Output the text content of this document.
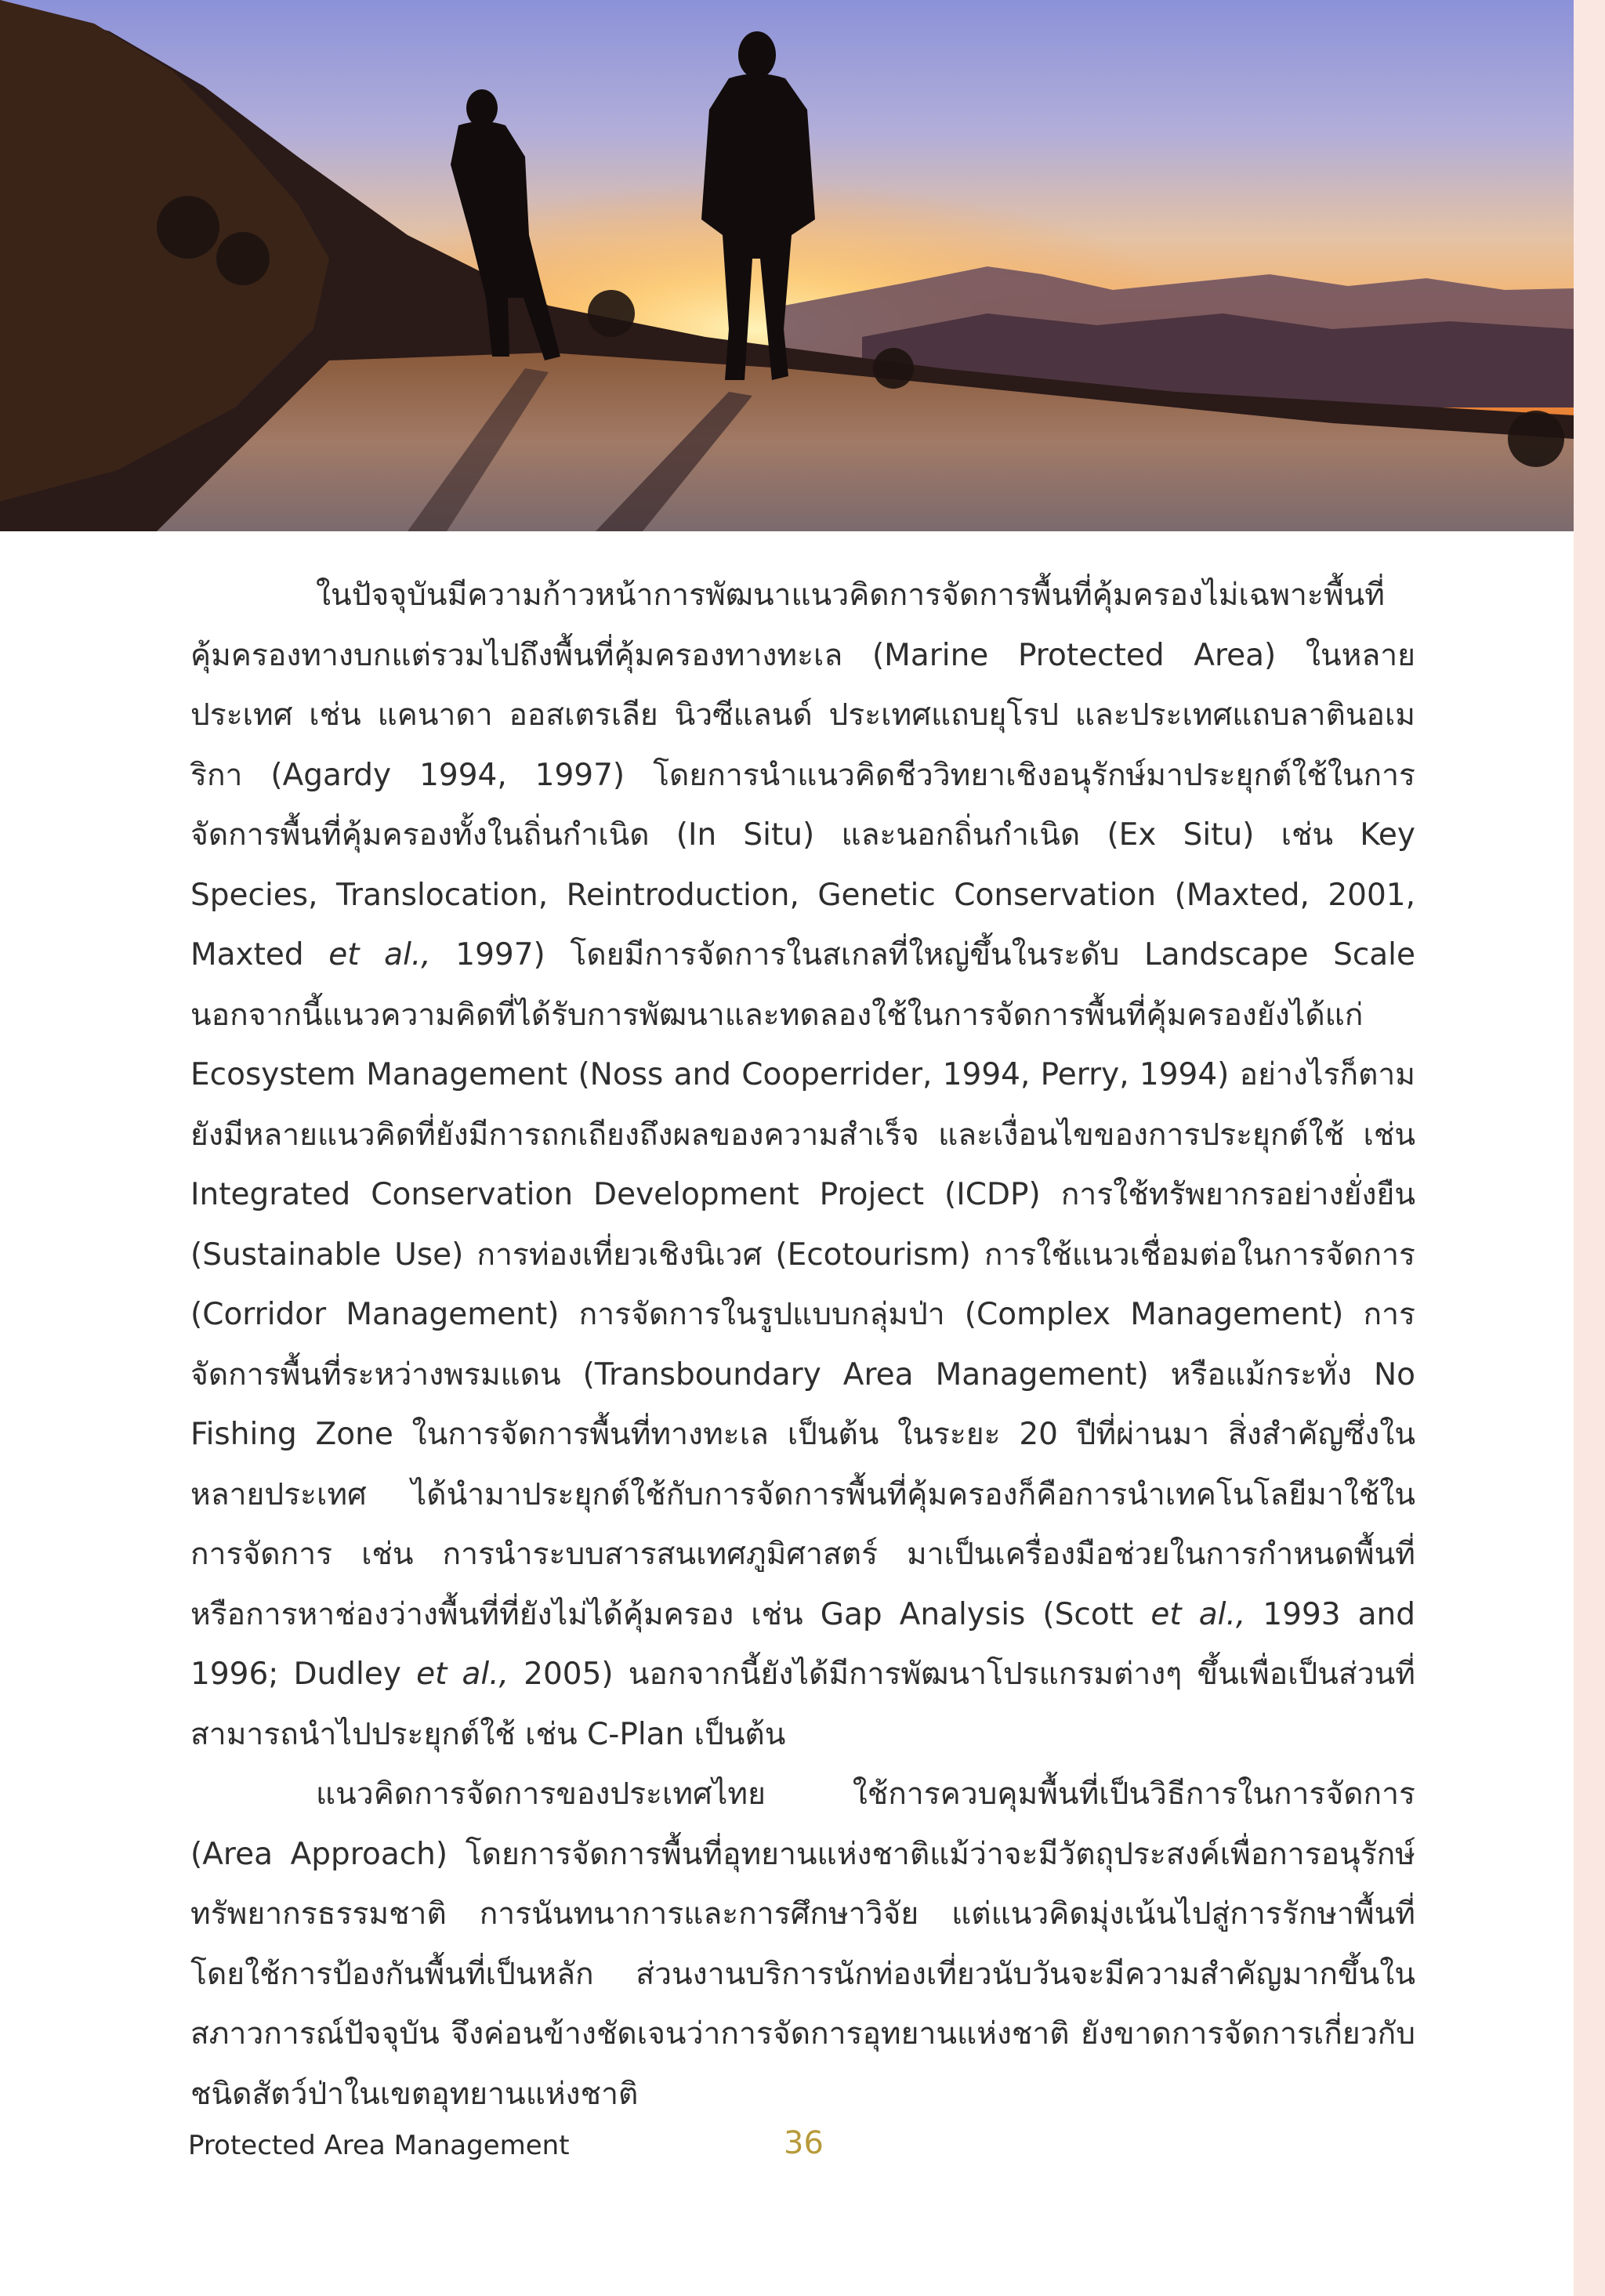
ในปัจจุบันมีความก้าวหน้าการพัฒนาแนวคิดการจัดการพื้นที่คุ้มครองไม่เฉพาะพื้นที่คุ้มครองทางบกแต่รวมไปถึงพื้นที่คุ้มครองทางทะเล (Marine Protected Area) ในหลายประเทศ เช่น แคนาดา ออสเตรเลีย นิวซีแลนด์ ประเทศแถบยุโรป และประเทศแถบลาตินอเมริกา (Agardy 1994, 1997) โดยการนำแนวคิดชีววิทยาเชิงอนุรักษ์มาประยุกต์ใช้ในการจัดการพื้นที่คุ้มครองทั้งในถิ่นกำเนิด (In Situ) และนอกถิ่นกำเนิด (Ex Situ) เช่น Key Species, Translocation, Reintroduction, Genetic Conservation (Maxted, 2001, Maxted et al., 1997) โดยมีการจัดการในสเกลที่ใหญ่ขึ้นในระดับ Landscape Scale นอกจากนี้แนวความคิดที่ได้รับการพัฒนาและทดลองใช้ในการจัดการพื้นที่คุ้มครองยังได้แก่ Ecosystem Management (Noss and Cooperrider, 1994, Perry, 1994) อย่างไรก็ตามยังมีหลายแนวคิดที่ยังมีการถกเถียงถึงผลของความสำเร็จ และเงื่อนไขของการประยุกต์ใช้ เช่น Integrated Conservation Development Project (ICDP) การใช้ทรัพยากรอย่างยั่งยืน (Sustainable Use) การท่องเที่ยวเชิงนิเวศ (Ecotourism) การใช้แนวเชื่อมต่อในการจัดการ (Corridor Management) การจัดการในรูปแบบกลุ่มป่า (Complex Management) การจัดการพื้นที่ระหว่างพรมแดน (Transboundary Area Management) หรือแม้กระทั่ง No Fishing Zone ในการจัดการพื้นที่ทางทะเล เป็นต้น ในระยะ 20 ปีที่ผ่านมา สิ่งสำคัญซึ่งในหลายประเทศ ได้นำมาประยุกต์ใช้กับการจัดการพื้นที่คุ้มครองก็คือการนำเทคโนโลยีมาใช้ในการจัดการ เช่น การนำระบบสารสนเทศภูมิศาสตร์ มาเป็นเครื่องมือช่วยในการกำหนดพื้นที่ หรือการหาช่องว่างพื้นที่ที่ยังไม่ได้คุ้มครอง เช่น Gap Analysis (Scott et al., 1993 and 1996; Dudley et al., 2005) นอกจากนี้ยังได้มีการพัฒนาโปรแกรมต่างๆ ขึ้นเพื่อเป็นส่วนที่สามารถนำไปประยุกต์ใช้ เช่น C-Plan เป็นต้น

แนวคิดการจัดการของประเทศไทย ใช้การควบคุมพื้นที่เป็นวิธีการในการจัดการ (Area Approach) โดยการจัดการพื้นที่อุทยานแห่งชาติแม้ว่าจะมีวัตถุประสงค์เพื่อการอนุรักษ์ทรัพยากรธรรมชาติ การนันทนาการและการศึกษาวิจัย แต่แนวคิดมุ่งเน้นไปสู่การรักษาพื้นที่โดยใช้การป้องกันพื้นที่เป็นหลัก ส่วนงานบริการนักท่องเที่ยวนับวันจะมีความสำคัญมากขึ้นในสภาวการณ์ปัจจุบัน จึงค่อนข้างชัดเจนว่าการจัดการอุทยานแห่งชาติ ยังขาดการจัดการเกี่ยวกับชนิดสัตว์ป่าในเขตอุทยานแห่งชาติ

Protected Area Management	36
